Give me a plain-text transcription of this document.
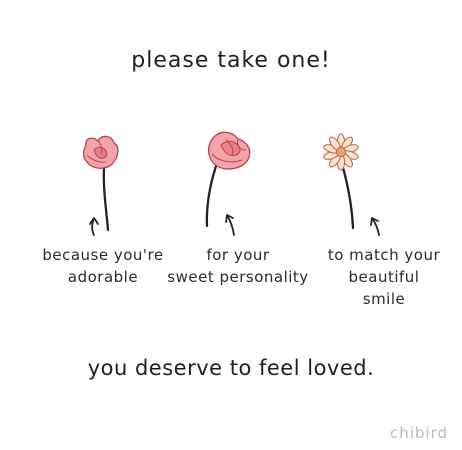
please take one!
because you're
adorable
for your
sweet personality
to match your
beautiful
smile
you deserve to feel loved.
chibird
